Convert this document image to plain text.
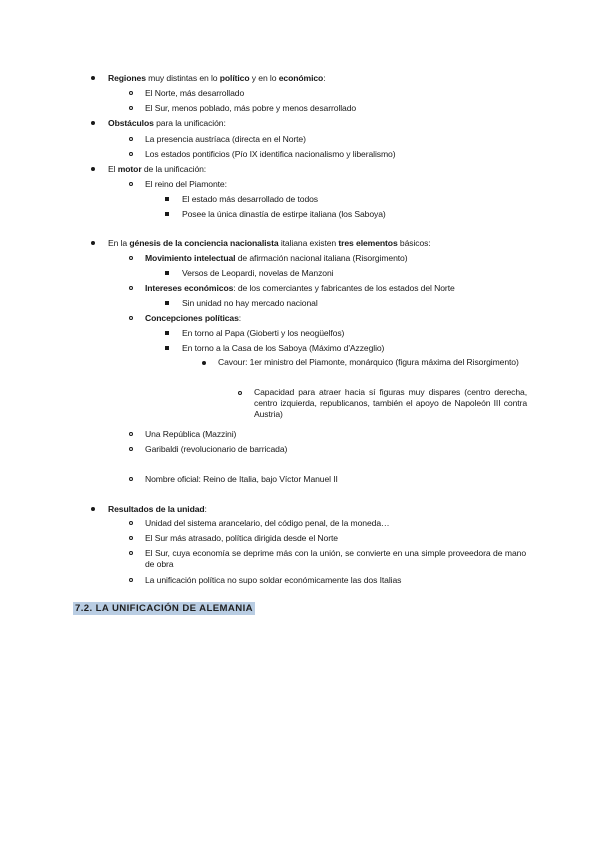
Regiones muy distintas en lo político y en lo económico:
El Norte, más desarrollado
El Sur, menos poblado, más pobre y menos desarrollado
Obstáculos para la unificación:
La presencia austríaca (directa en el Norte)
Los estados pontificios (Pío IX identifica nacionalismo y liberalismo)
El motor de la unificación:
El reino del Piamonte:
El estado más desarrollado de todos
Posee la única dinastía de estirpe italiana (los Saboya)
En la génesis de la conciencia nacionalista italiana existen tres elementos básicos:
Movimiento intelectual de afirmación nacional italiana (Risorgimento)
Versos de Leopardi, novelas de Manzoni
Intereses económicos: de los comerciantes y fabricantes de los estados del Norte
Sin unidad no hay mercado nacional
Concepciones políticas:
En torno al Papa (Gioberti y los neogüelfos)
En torno a la Casa de los Saboya (Máximo d'Azzeglio)
Cavour: 1er ministro del Piamonte, monárquico (figura máxima del Risorgimento)
Capacidad para atraer hacia sí figuras muy dispares (centro derecha, centro izquierda, republicanos, también el apoyo de Napoleón III contra Austria)
Una República (Mazzini)
Garibaldi (revolucionario de barricada)
Nombre oficial: Reino de Italia, bajo Víctor Manuel II
Resultados de la unidad:
Unidad del sistema arancelario, del código penal, de la moneda…
El Sur más atrasado, política dirigida desde el Norte
El Sur, cuya economía se deprime más con la unión, se convierte en una simple proveedora de mano de obra
La unificación política no supo soldar económicamente las dos Italias
7.2. LA UNIFICACIÓN DE ALEMANIA
